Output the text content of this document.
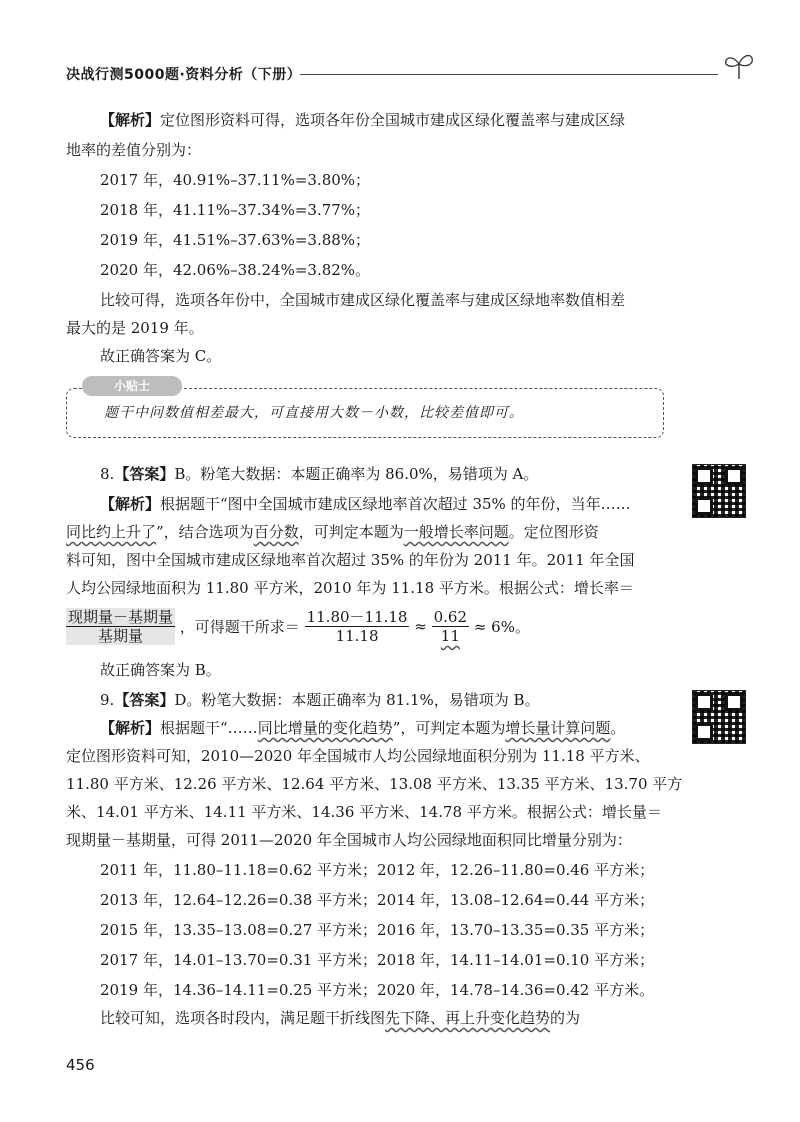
决战行测5000题·资料分析（下册）
【解析】定位图形资料可得，选项各年份全国城市建成区绿化覆盖率与建成区绿
地率的差值分别为：
2017 年，40.91%–37.11%=3.80%；
2018 年，41.11%–37.34%=3.77%；
2019 年，41.51%–37.63%=3.88%；
2020 年，42.06%–38.24%=3.82%。
比较可得，选项各年份中，全国城市建成区绿化覆盖率与建成区绿地率数值相差
最大的是 2019 年。
故正确答案为 C。
小贴士
题干中问数值相差最大，可直接用大数－小数，比较差值即可。
8.【答案】B。粉笔大数据：本题正确率为 86.0%，易错项为 A。
【解析】根据题干“图中全国城市建成区绿地率首次超过 35% 的年份，当年……
同比约上升了”，结合选项为百分数，可判定本题为一般增长率问题。定位图形资
料可知，图中全国城市建成区绿地率首次超过 35% 的年份为 2011 年。2011 年全国
人均公园绿地面积为 11.80 平方米，2010 年为 11.18 平方米。根据公式：增长率＝
$\frac{\text{现期量－基期量}}{\text{基期量}}$ ，可得题干所求＝ $\frac{11.80-11.18}{11.18} \approx \frac{0.62}{11} \approx 6\%$。
故正确答案为 B。
9.【答案】D。粉笔大数据：本题正确率为 81.1%，易错项为 B。
【解析】根据题干“……同比增量的变化趋势”，可判定本题为增长量计算问题。
定位图形资料可知，2010—2020 年全国城市人均公园绿地面积分别为 11.18 平方米、
11.80 平方米、12.26 平方米、12.64 平方米、13.08 平方米、13.35 平方米、13.70 平方
米、14.01 平方米、14.11 平方米、14.36 平方米、14.78 平方米。根据公式：增长量＝
现期量－基期量，可得 2011—2020 年全国城市人均公园绿地面积同比增量分别为：
2011 年，11.80–11.18=0.62 平方米；2012 年，12.26–11.80=0.46 平方米；
2013 年，12.64–12.26=0.38 平方米；2014 年，13.08–12.64=0.44 平方米；
2015 年，13.35–13.08=0.27 平方米；2016 年，13.70–13.35=0.35 平方米；
2017 年，14.01–13.70=0.31 平方米；2018 年，14.11–14.01=0.10 平方米；
2019 年，14.36–14.11=0.25 平方米；2020 年，14.78–14.36=0.42 平方米。
比较可知，选项各时段内，满足题干折线图先下降、再上升变化趋势的为
456
